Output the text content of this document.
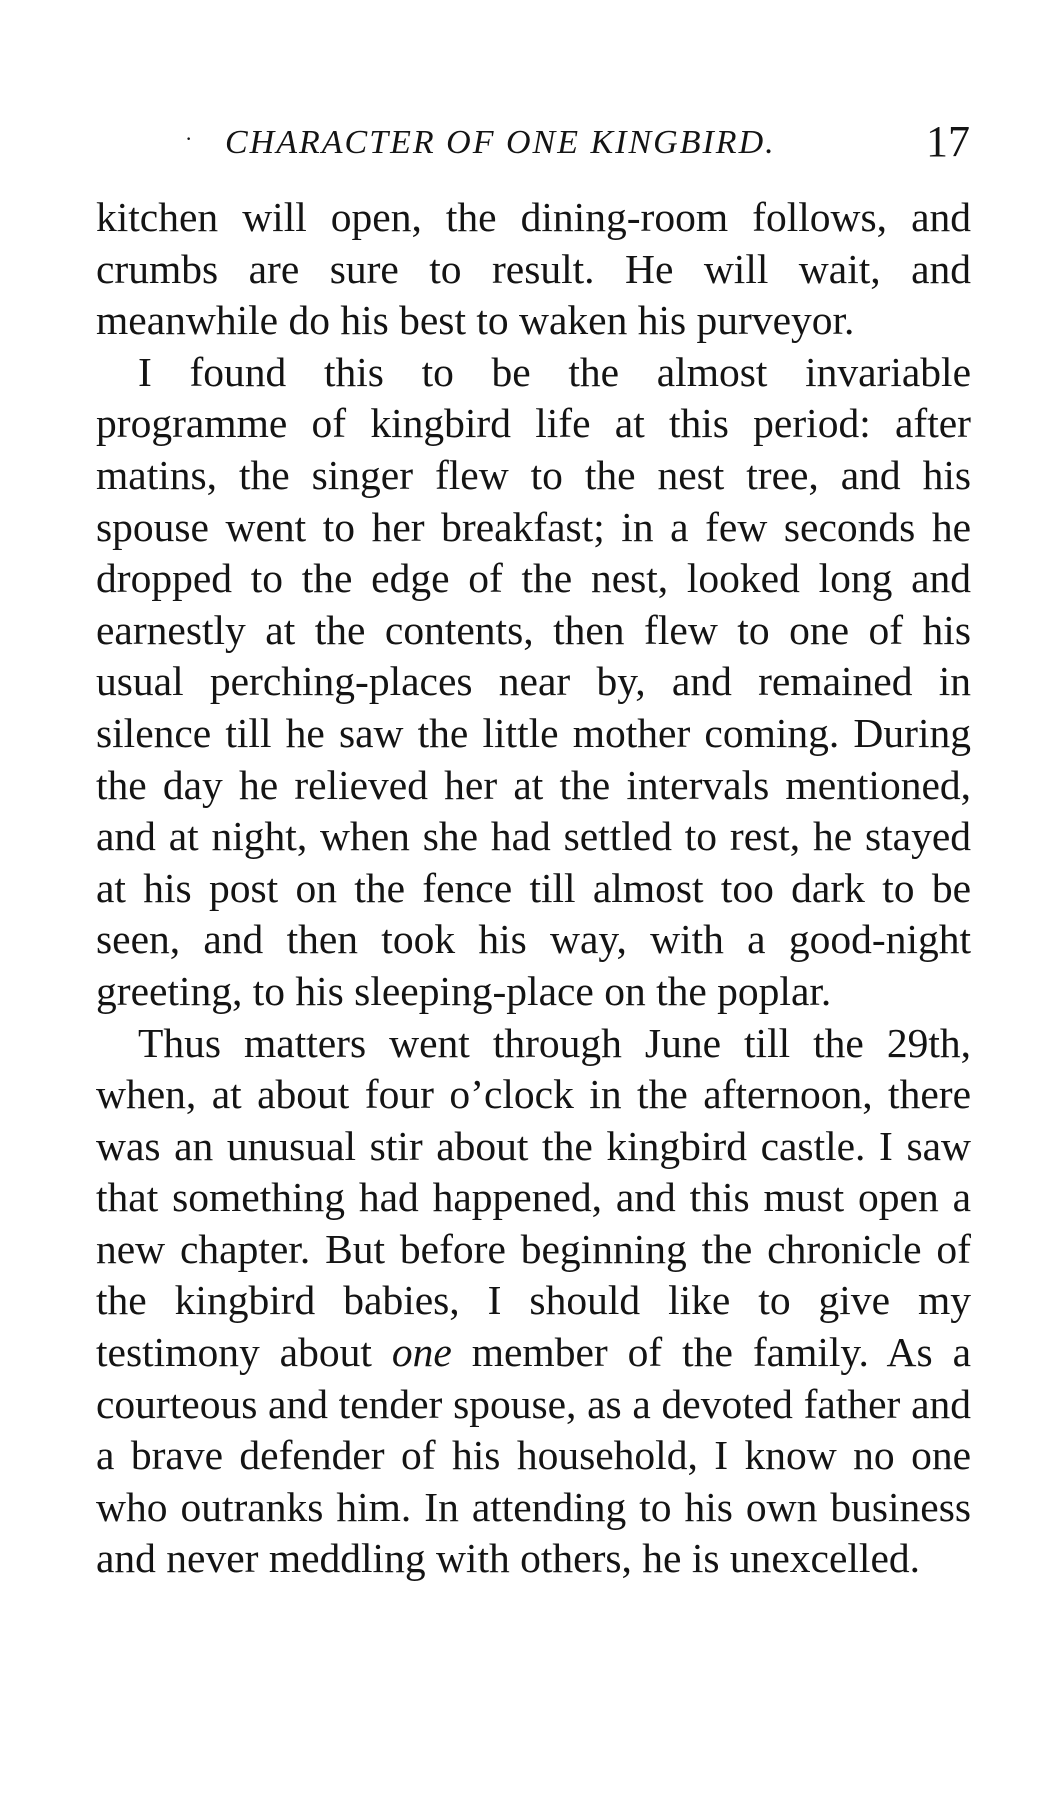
· CHARACTER OF ONE KINGBIRD.	17

kitchen will open, the dining-room follows, and crumbs are sure to result. He will wait, and meanwhile do his best to waken his purveyor.

I found this to be the almost invariable programme of kingbird life at this period: after matins, the singer flew to the nest tree, and his spouse went to her breakfast; in a few seconds he dropped to the edge of the nest, looked long and earnestly at the contents, then flew to one of his usual perching-places near by, and remained in silence till he saw the little mother coming. During the day he relieved her at the intervals mentioned, and at night, when she had settled to rest, he stayed at his post on the fence till almost too dark to be seen, and then took his way, with a good-night greeting, to his sleeping-place on the poplar.

Thus matters went through June till the 29th, when, at about four o’clock in the afternoon, there was an unusual stir about the kingbird castle. I saw that something had happened, and this must open a new chapter. But before beginning the chronicle of the kingbird babies, I should like to give my testimony about one member of the family. As a courteous and tender spouse, as a devoted father and a brave defender of his household, I know no one who outranks him. In attending to his own business and never meddling with others, he is unexcelled.
